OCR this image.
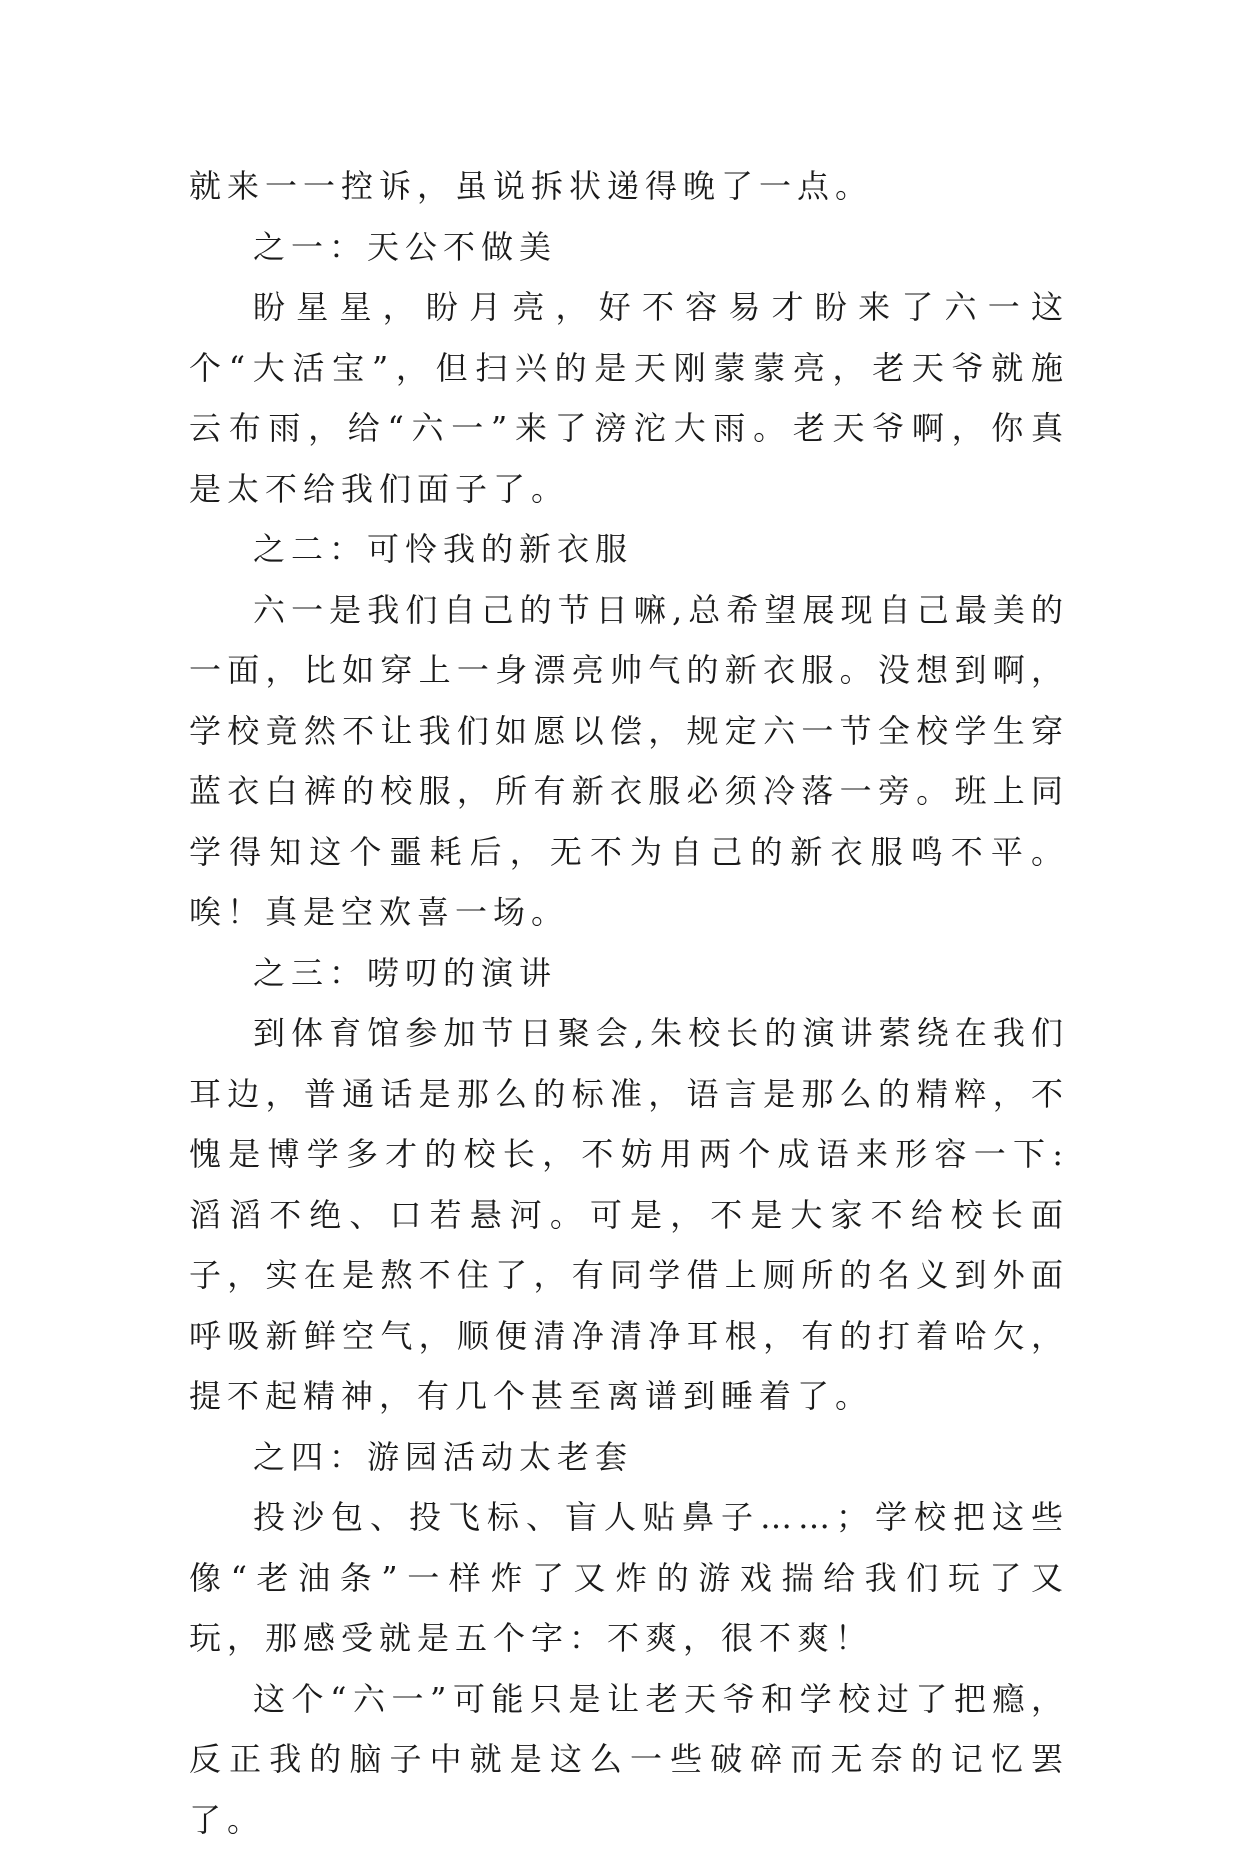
就来一一控诉，虽说拆状递得晚了一点。

之一：天公不做美

盼星星，盼月亮，好不容易才盼来了六一这个“大活宝”，但扫兴的是天刚蒙蒙亮，老天爷就施云布雨，给“六一”来了滂沱大雨。老天爷啊，你真是太不给我们面子了。

之二：可怜我的新衣服

六一是我们自己的节日嘛,总希望展现自己最美的一面，比如穿上一身漂亮帅气的新衣服。没想到啊，学校竟然不让我们如愿以偿，规定六一节全校学生穿蓝衣白裤的校服，所有新衣服必须冷落一旁。班上同学得知这个噩耗后，无不为自己的新衣服鸣不平。唉！真是空欢喜一场。

之三：唠叨的演讲

到体育馆参加节日聚会,朱校长的演讲萦绕在我们耳边，普通话是那么的标准，语言是那么的精粹，不愧是博学多才的校长，不妨用两个成语来形容一下:滔滔不绝、口若悬河。可是，不是大家不给校长面子，实在是熬不住了，有同学借上厕所的名义到外面呼吸新鲜空气，顺便清净清净耳根，有的打着哈欠，提不起精神，有几个甚至离谱到睡着了。

之四：游园活动太老套

投沙包、投飞标、盲人贴鼻子……；学校把这些像“老油条”一样炸了又炸的游戏揣给我们玩了又玩，那感受就是五个字：不爽，很不爽！

这个“六一”可能只是让老天爷和学校过了把瘾，反正我的脑子中就是这么一些破碎而无奈的记忆罢了。
